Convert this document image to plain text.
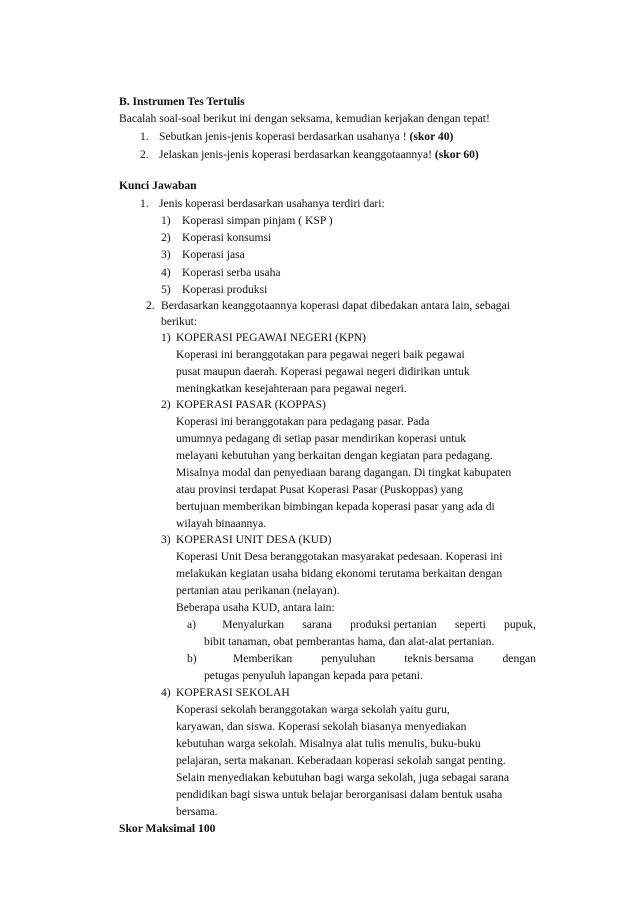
B. Instrumen Tes Tertulis
Bacalah soal-soal berikut ini dengan seksama, kemudian kerjakan dengan tepat!
1. Sebutkan jenis-jenis koperasi berdasarkan usahanya ! (skor 40)
2. Jelaskan jenis-jenis koperasi berdasarkan keanggotaannya! (skor 60)
Kunci Jawaban
1. Jenis koperasi berdasarkan usahanya terdiri dari:
1) Koperasi simpan pinjam ( KSP )
2) Koperasi konsumsi
3) Koperasi jasa
4) Koperasi serba usaha
5) Koperasi produksi
2. Berdasarkan keanggotaannya koperasi dapat dibedakan antara lain, sebagai
berikut:
1) KOPERASI PEGAWAI NEGERI (KPN)
Koperasi ini beranggotakan para pegawai negeri baik pegawai
pusat maupun daerah. Koperasi pegawai negeri didirikan untuk
meningkatkan kesejahteraan para pegawai negeri.
2) KOPERASI PASAR (KOPPAS)
Koperasi ini beranggotakan para pedagang pasar. Pada
umumnya pedagang di setiap pasar mendirikan koperasi untuk
melayani kebutuhan yang berkaitan dengan kegiatan para pedagang.
Misalnya modal dan penyediaan barang dagangan. Di tingkat kabupaten
atau provinsi terdapat Pusat Koperasi Pasar (Puskoppas) yang
bertujuan memberikan bimbingan kepada koperasi pasar yang ada di
wilayah binaannya.
3) KOPERASI UNIT DESA (KUD)
Koperasi Unit Desa beranggotakan masyarakat pedesaan. Koperasi ini
melakukan kegiatan usaha bidang ekonomi terutama berkaitan dengan
pertanian atau perikanan (nelayan).
Beberapa usaha KUD, antara lain:
a)	Menyalurkan sarana produksi pertanian seperti pupuk,
bibit tanaman, obat pemberantas hama, dan alat-alat pertanian.
b)	Memberikan penyuluhan teknis bersama dengan
petugas penyuluh lapangan kepada para petani.
4) KOPERASI SEKOLAH
Koperasi sekolah beranggotakan warga sekolah yaitu guru,
karyawan, dan siswa. Koperasi sekolah biasanya menyediakan
kebutuhan warga sekolah. Misalnya alat tulis menulis, buku-buku
pelajaran, serta makanan. Keberadaan koperasi sekolah sangat penting.
Selain menyediakan kebutuhan bagi warga sekolah, juga sebagai sarana
pendidikan bagi siswa untuk belajar berorganisasi dalam bentuk usaha
bersama.
Skor Maksimal 100
